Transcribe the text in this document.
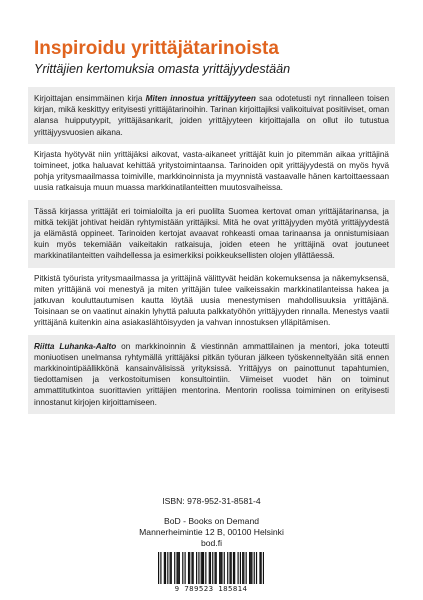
Inspiroidu yrittäjätarinoista
Yrittäjien kertomuksia omasta yrittäjyydestään

Kirjoittajan ensimmäinen kirja Miten innostua yrittäjyyteen saa odotetusti nyt rinnalleen toisen kirjan, mikä keskittyy erityisesti yrittäjätarinoihin. Tarinan kirjoittajiksi valikoituivat positiiviset, oman alansa huipputyypit, yrittäjäsankarit, joiden yrittäjyyteen kirjoittajalla on ollut ilo tutustua yrittäjyysvuosien aikana.

Kirjasta hyötyvät niin yrittäjäksi aikovat, vasta-aikaneet yrittäjät kuin jo pitemmän aikaa yrittäjinä toimineet, jotka haluavat kehittää yritystoimintaansa. Tarinoiden opit yrittäjyydestä on myös hyvä pohja yritysmaailmassa toimiville, markkinoinnista ja myynnistä vastaavalle hänen kartoittaessaan uusia ratkaisuja muun muassa markkinatilanteitten muutosvaiheissa.

Tässä kirjassa yrittäjät eri toimialoilta ja eri puolilta Suomea kertovat oman yrittäjätarinansa, ja mitkä tekijät johtivat heidän ryhtymistään yrittäjiksi. Mitä he ovat yrittäjyyden myötä yrittäjyydestä ja elämästä oppineet. Tarinoiden kertojat avaavat rohkeasti omaa tarinaansa ja onnistumisiaan kuin myös tekemiään vaikeitakin ratkaisuja, joiden eteen he yrittäjinä ovat joutuneet markkinatilanteitten vaihdellessa ja esimerkiksi poikkeuksellisten olojen yllättäessä.

Pitkistä työurista yritysmaailmassa ja yrittäjinä välittyvät heidän kokemuksensa ja näkemyksensä, miten yrittäjänä voi menestyä ja miten yrittäjän tulee vaikeissakin markkinatilanteissa hakea ja jatkuvan kouluttautumisen kautta löytää uusia menestymisen mahdollisuuksia yrittäjänä. Toisinaan se on vaatinut ainakin lyhyttä paluuta palkkatyöhön yrittäjyyden rinnalla. Menestys vaatii yrittäjänä kuitenkin aina asiakaslähtöisyyden ja vahvan innostuksen ylläpitämisen.

Riitta Luhanka-Aalto on markkinoinnin & viestinnän ammattilainen ja mentori, joka toteutti moniuotisen unelmansa ryhtymällä yrittäjäksi pitkän työuran jälkeen työskenneltyään sitä ennen markkinointipäällikkönä kansainvälisissä yrityksissä. Yrittäjyys on painottunut tapahtumien, tiedottamisen ja verkostoitumisen konsultointiin. Viimeiset vuodet hän on toiminut ammattitutkintoa suorittavien yrittäjien mentorina. Mentorin roolissa toimiminen on erityisesti innostanut kirjojen kirjoittamiseen.

ISBN: 978-952-31-8581-4

BoD - Books on Demand

Mannerheimintie 12 B, 00100 Helsinki

bod.fi

9 789523 185814
